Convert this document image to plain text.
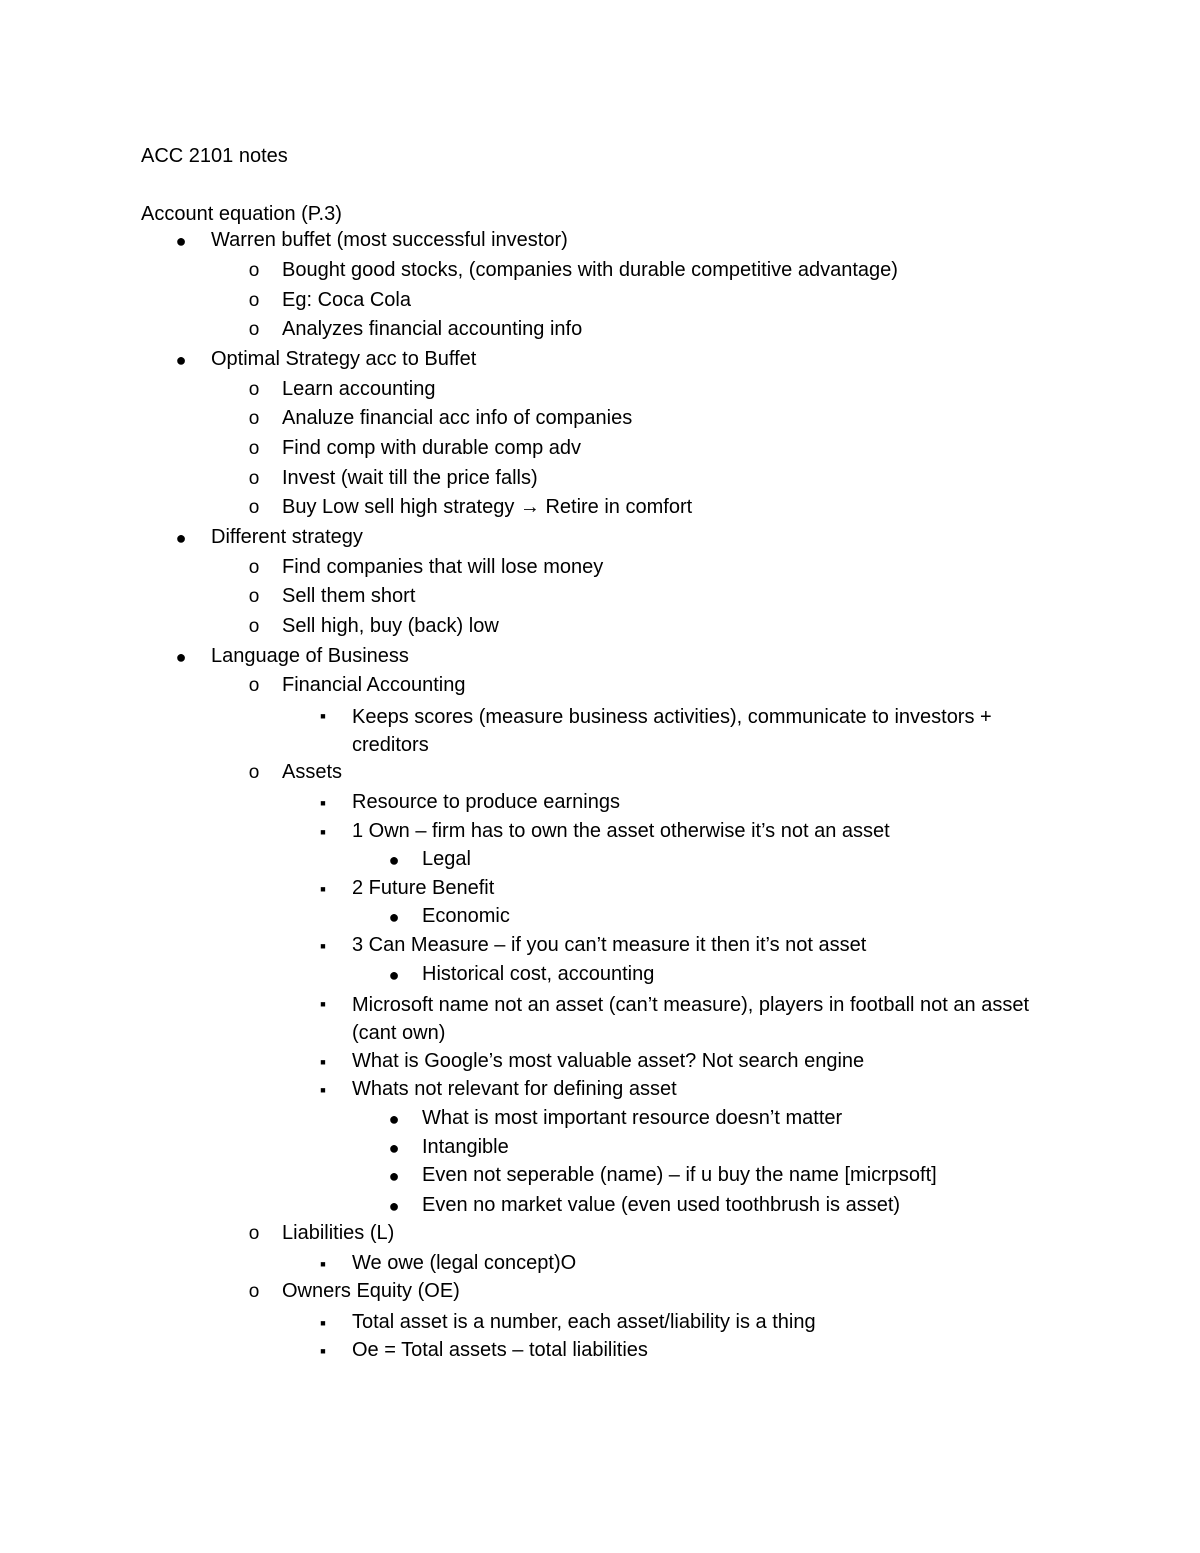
ACC 2101 notes
Account equation (P.3)
● Warren buffet (most successful investor)
o Bought good stocks, (companies with durable competitive advantage)
o Eg: Coca Cola
o Analyzes financial accounting info
● Optimal Strategy acc to Buffet
o Learn accounting
o Analuze financial acc info of companies
o Find comp with durable comp adv
o Invest (wait till the price falls)
o Buy Low sell high strategy → Retire in comfort
● Different strategy
o Find companies that will lose money
o Sell them short
o Sell high, buy (back) low
● Language of Business
o Financial Accounting
■ Keeps scores (measure business activities), communicate to investors + creditors
o Assets
■ Resource to produce earnings
■ 1 Own – firm has to own the asset otherwise it’s not an asset
● Legal
■ 2 Future Benefit
● Economic
■ 3 Can Measure – if you can’t measure it then it’s not asset
● Historical cost, accounting
■ Microsoft name not an asset (can’t measure), players in football not an asset (cant own)
■ What is Google’s most valuable asset? Not search engine
■ Whats not relevant for defining asset
● What is most important resource doesn’t matter
● Intangible
● Even not seperable (name) – if u buy the name [micrpsoft]
● Even no market value (even used toothbrush is asset)
o Liabilities (L)
■ We owe (legal concept)O
o Owners Equity (OE)
■ Total asset is a number, each asset/liability is a thing
■ Oe = Total assets – total liabilities
